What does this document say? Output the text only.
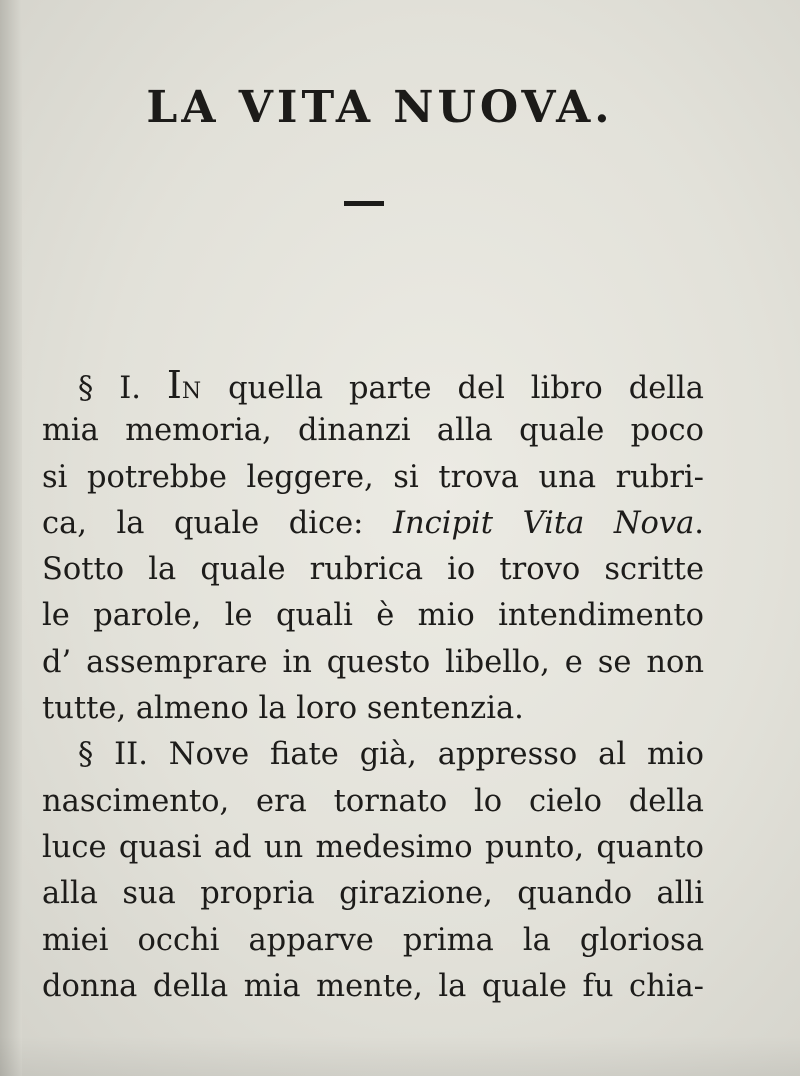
LA VITA NUOVA.
§ I. IN quella parte del libro della
mia memoria, dinanzi alla quale poco
si potrebbe leggere, si trova una rubri-
ca, la quale dice: Incipit Vita Nova.
Sotto la quale rubrica io trovo scritte
le parole, le quali è mio intendimento
d’ assemprare in questo libello, e se non
tutte, almeno la loro sentenzia.
§ II. Nove fiate già, appresso al mio
nascimento, era tornato lo cielo della
luce quasi ad un medesimo punto, quanto
alla sua propria girazione, quando alli
miei occhi apparve prima la gloriosa
donna della mia mente, la quale fu chia-
